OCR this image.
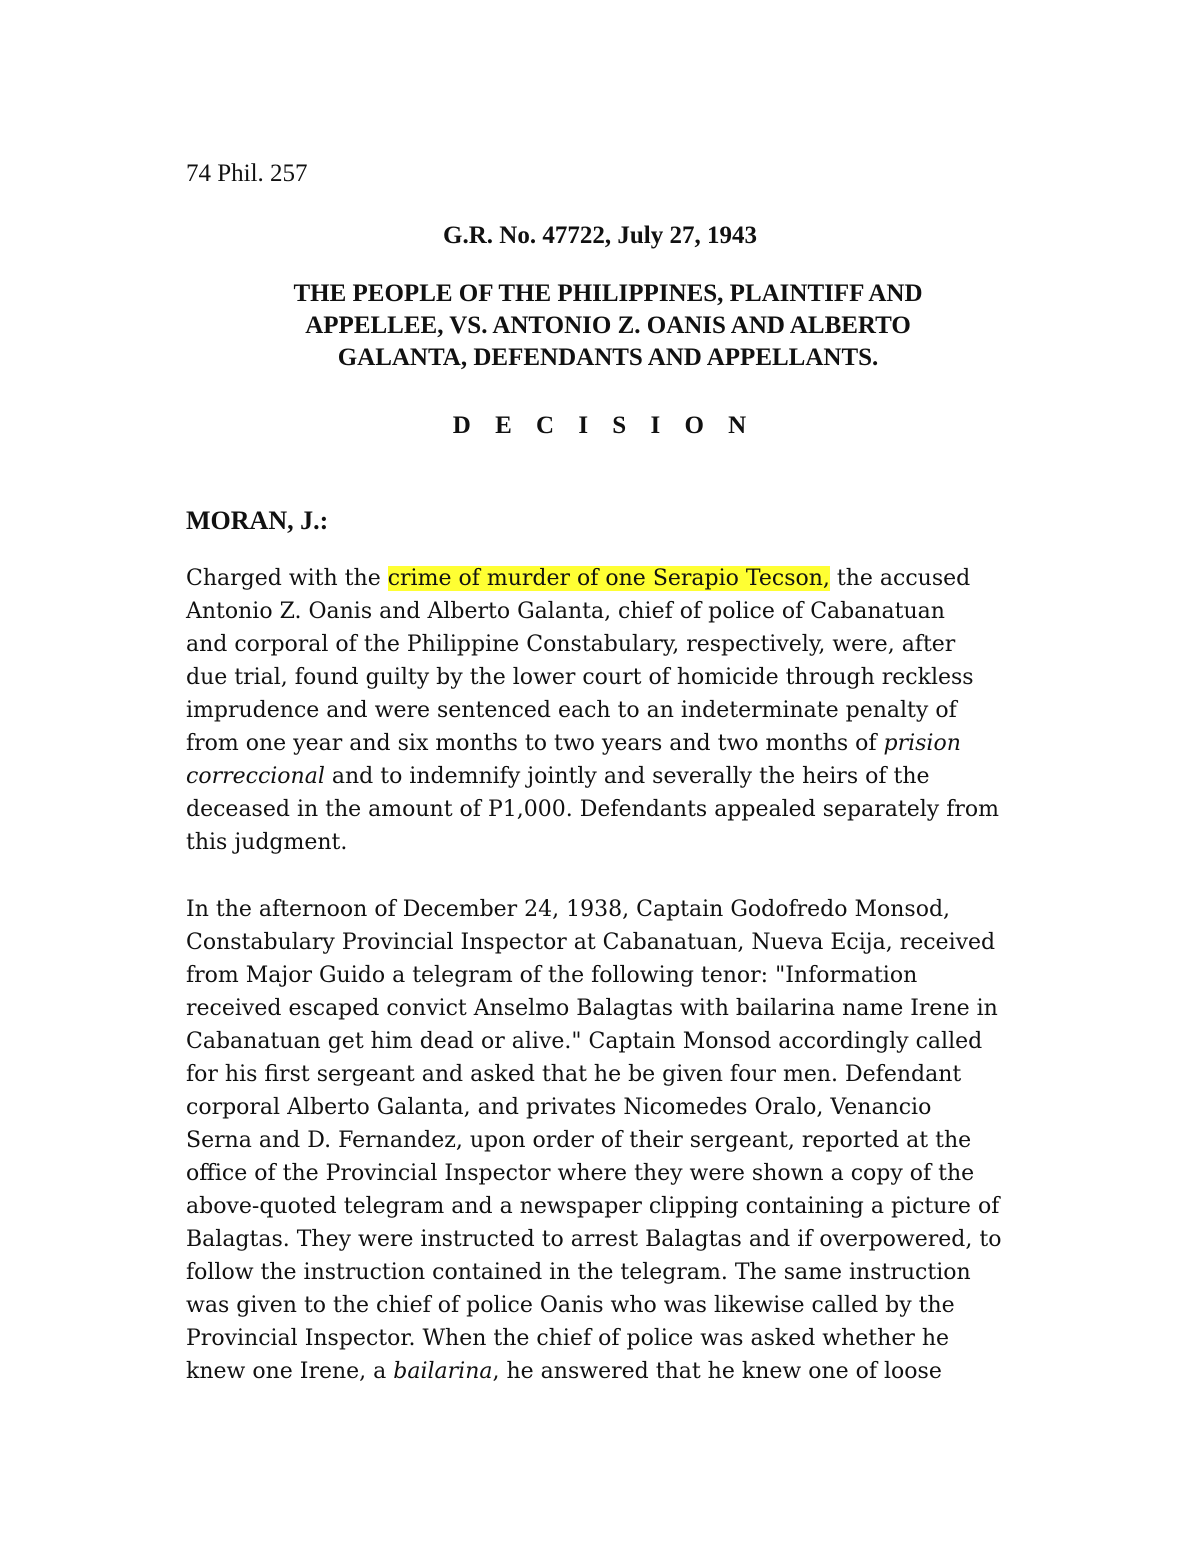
74 Phil. 257
G.R. No. 47722, July 27, 1943
THE PEOPLE OF THE PHILIPPINES, PLAINTIFF AND
APPELLEE, VS. ANTONIO Z. OANIS AND ALBERTO
GALANTA, DEFENDANTS AND APPELLANTS.
D E C I S I O N
MORAN, J.:

Charged with the crime of murder of one Serapio Tecson, the accused
Antonio Z. Oanis and Alberto Galanta, chief of police of Cabanatuan
and corporal of the Philippine Constabulary, respectively, were, after
due trial, found guilty by the lower court of homicide through reckless
imprudence and were sentenced each to an indeterminate penalty of
from one year and six months to two years and two months of prision
correccional and to indemnify jointly and severally the heirs of the
deceased in the amount of P1,000. Defendants appealed separately from
this judgment.

In the afternoon of December 24, 1938, Captain Godofredo Monsod,
Constabulary Provincial Inspector at Cabanatuan, Nueva Ecija, received
from Major Guido a telegram of the following tenor: "Information
received escaped convict Anselmo Balagtas with bailarina name Irene in
Cabanatuan get him dead or alive." Captain Monsod accordingly called
for his first sergeant and asked that he be given four men. Defendant
corporal Alberto Galanta, and privates Nicomedes Oralo, Venancio
Serna and D. Fernandez, upon order of their sergeant, reported at the
office of the Provincial Inspector where they were shown a copy of the
above-quoted telegram and a newspaper clipping containing a picture of
Balagtas. They were instructed to arrest Balagtas and if overpowered, to
follow the instruction contained in the telegram. The same instruction
was given to the chief of police Oanis who was likewise called by the
Provincial Inspector. When the chief of police was asked whether he
knew one Irene, a bailarina, he answered that he knew one of loose
